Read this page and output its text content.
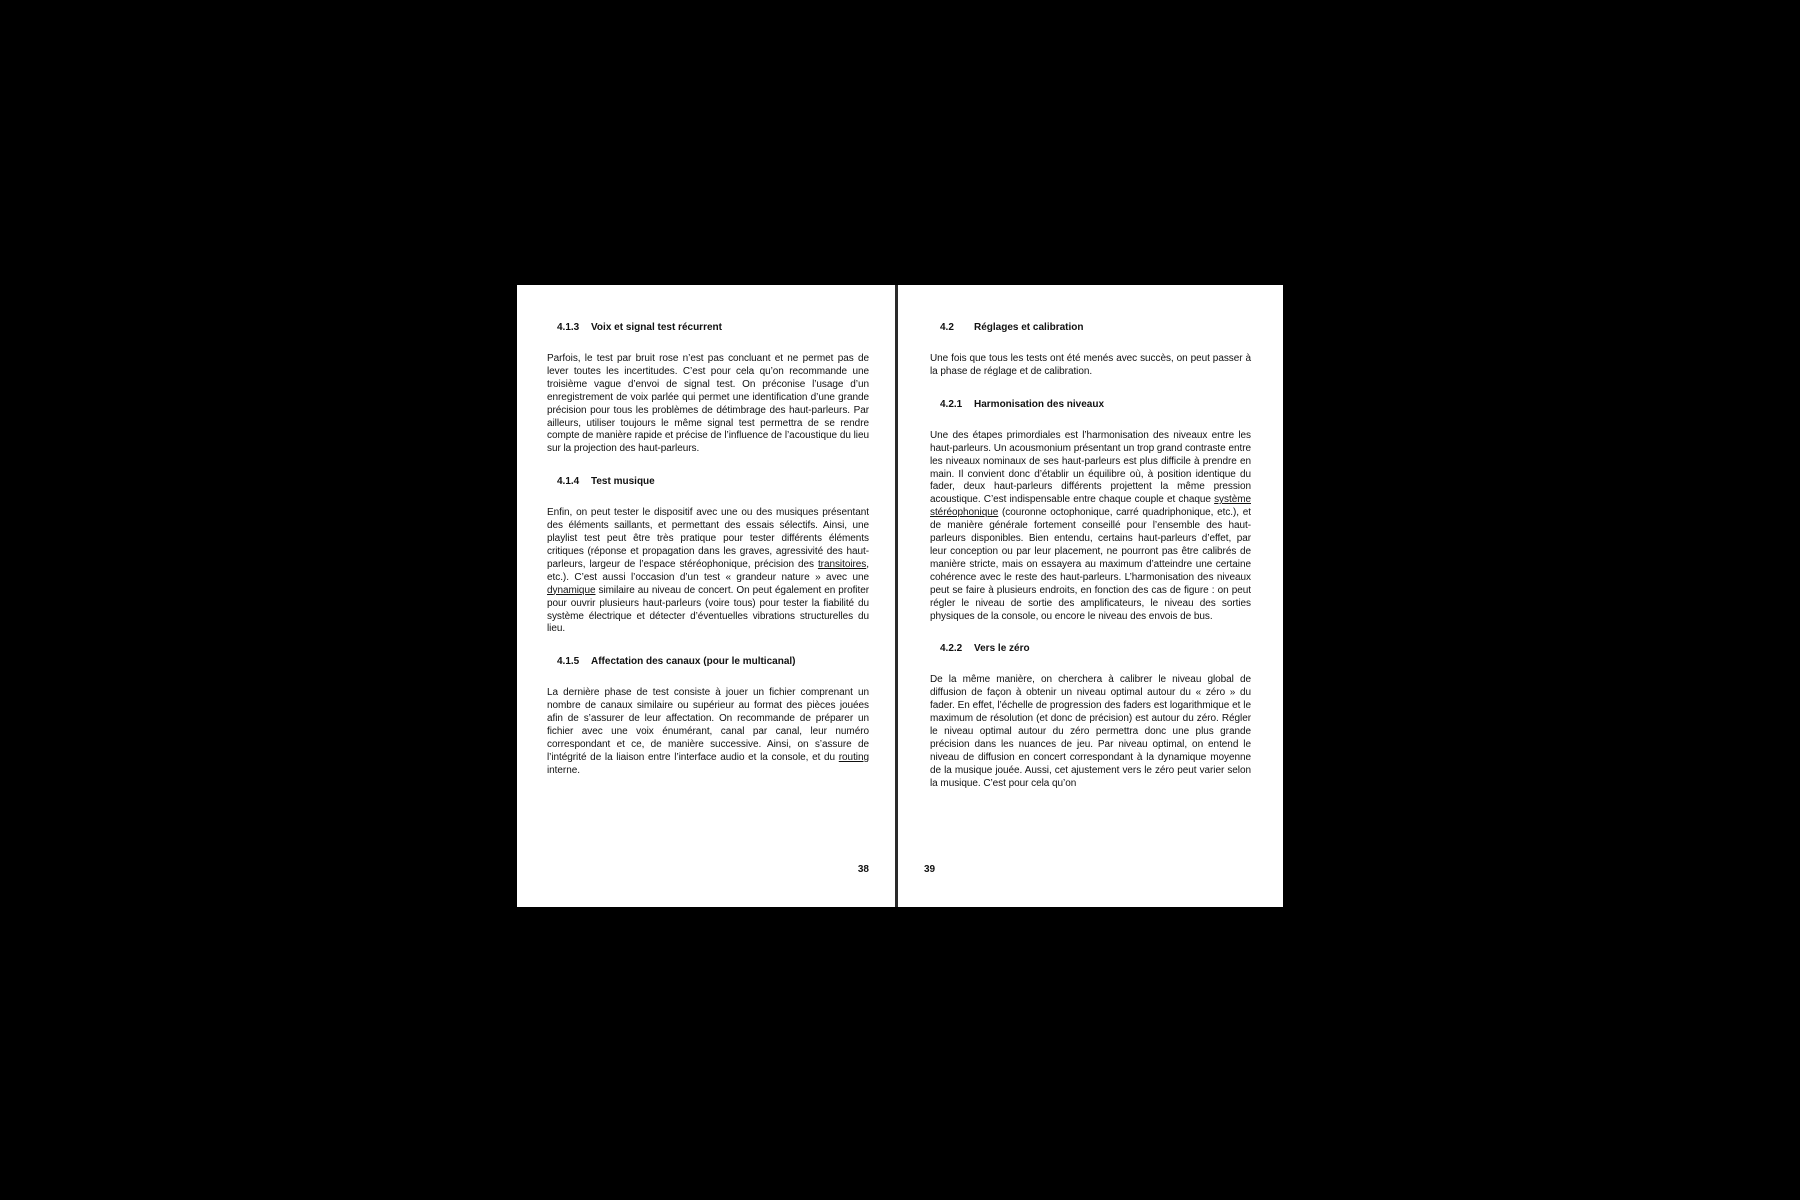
4.1.3 Voix et signal test récurrent

Parfois, le test par bruit rose n’est pas concluant et ne permet pas de lever toutes les incertitudes. C’est pour cela qu’on recommande une troisième vague d’envoi de signal test. On préconise l’usage d’un enregistrement de voix parlée qui permet une identification d’une grande précision pour tous les problèmes de détimbrage des haut-parleurs. Par ailleurs, utiliser toujours le même signal test permettra de se rendre compte de manière rapide et précise de l’influence de l’acoustique du lieu sur la projection des haut-parleurs.

4.1.4 Test musique

Enfin, on peut tester le dispositif avec une ou des musiques présentant des éléments saillants, et permettant des essais sélectifs. Ainsi, une playlist test peut être très pratique pour tester différents éléments critiques (réponse et propagation dans les graves, agressivité des haut-parleurs, largeur de l’espace stéréophonique, précision des transitoires, etc.). C’est aussi l’occasion d’un test « grandeur nature » avec une dynamique similaire au niveau de concert. On peut également en profiter pour ouvrir plusieurs haut-parleurs (voire tous) pour tester la fiabilité du système électrique et détecter d’éventuelles vibrations structurelles du lieu.

4.1.5 Affectation des canaux (pour le multicanal)

La dernière phase de test consiste à jouer un fichier comprenant un nombre de canaux similaire ou supérieur au format des pièces jouées afin de s’assurer de leur affectation. On recommande de préparer un fichier avec une voix énumérant, canal par canal, leur numéro correspondant et ce, de manière successive. Ainsi, on s’assure de l’intégrité de la liaison entre l’interface audio et la console, et du routing interne.

38
4.2 Réglages et calibration

Une fois que tous les tests ont été menés avec succès, on peut passer à la phase de réglage et de calibration.

4.2.1 Harmonisation des niveaux

Une des étapes primordiales est l’harmonisation des niveaux entre les haut-parleurs. Un acousmonium présentant un trop grand contraste entre les niveaux nominaux de ses haut-parleurs est plus difficile à prendre en main. Il convient donc d’établir un équilibre où, à position identique du fader, deux haut-parleurs différents projettent la même pression acoustique. C’est indispensable entre chaque couple et chaque système stéréophonique (couronne octophonique, carré quadriphonique, etc.), et de manière générale fortement conseillé pour l’ensemble des haut-parleurs disponibles. Bien entendu, certains haut-parleurs d’effet, par leur conception ou par leur placement, ne pourront pas être calibrés de manière stricte, mais on essayera au maximum d’atteindre une certaine cohérence avec le reste des haut-parleurs. L’harmonisation des niveaux peut se faire à plusieurs endroits, en fonction des cas de figure : on peut régler le niveau de sortie des amplificateurs, le niveau des sorties physiques de la console, ou encore le niveau des envois de bus.

4.2.2 Vers le zéro

De la même manière, on cherchera à calibrer le niveau global de diffusion de façon à obtenir un niveau optimal autour du « zéro » du fader. En effet, l’échelle de progression des faders est logarithmique et le maximum de résolution (et donc de précision) est autour du zéro. Régler le niveau optimal autour du zéro permettra donc une plus grande précision dans les nuances de jeu. Par niveau optimal, on entend le niveau de diffusion en concert correspondant à la dynamique moyenne de la musique jouée. Aussi, cet ajustement vers le zéro peut varier selon la musique. C’est pour cela qu’on

39
